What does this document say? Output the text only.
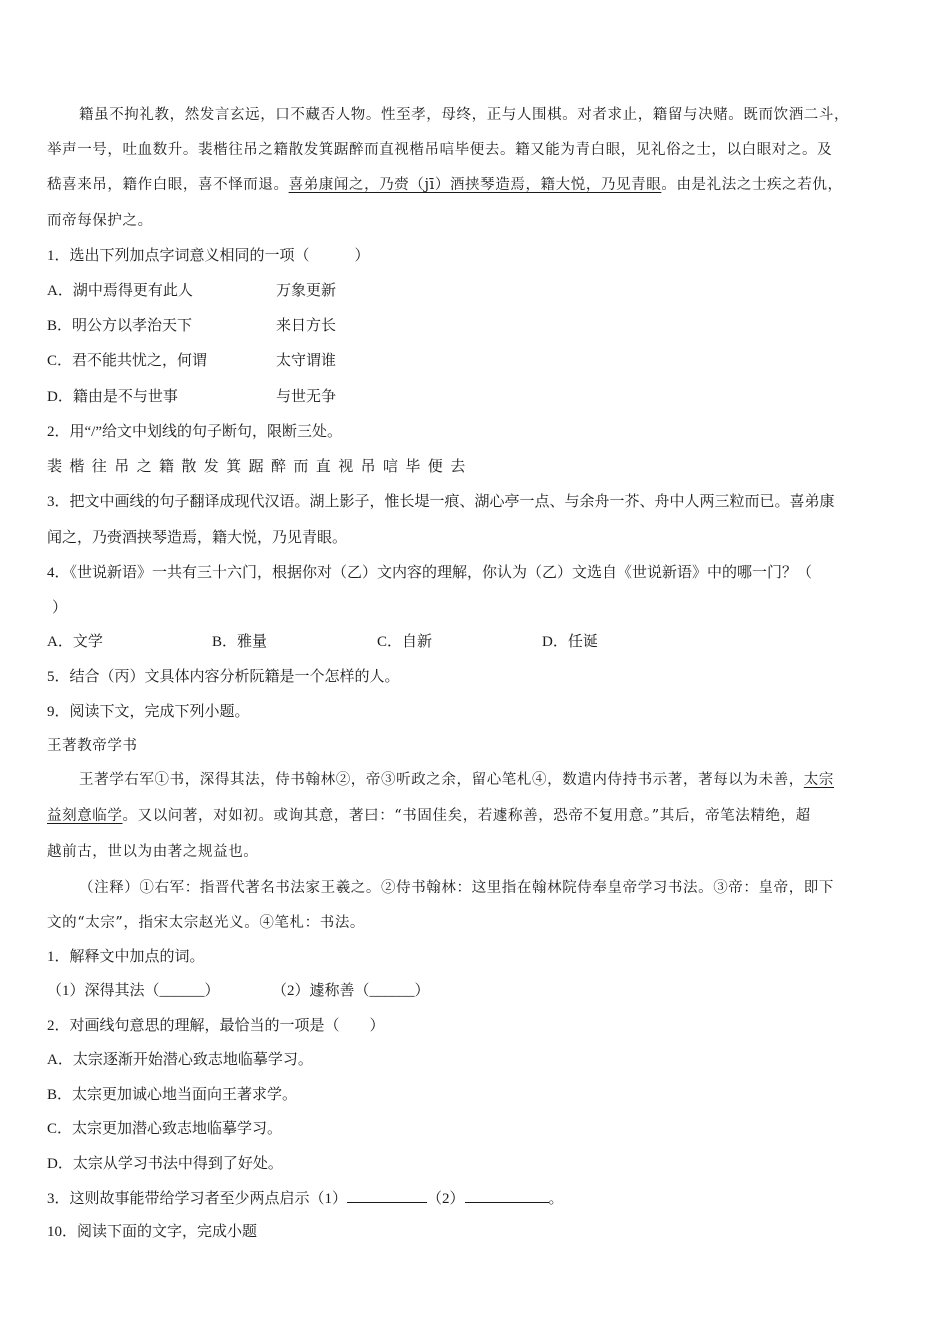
籍虽不拘礼教，然发言玄远，口不藏否人物。性至孝，母终，正与人围棋。对者求止，籍留与决赌。既而饮酒二斗，
举声一号，吐血数升。裴楷往吊之籍散发箕踞醉而直视楷吊唁毕便去。籍又能为青白眼，见礼俗之士，以白眼对之。及
嵇喜来吊，籍作白眼，喜不怿而退。喜弟康闻之，乃赍（jī）酒挟琴造焉，籍大悦，乃见青眼。由是礼法之士疾之若仇，
而帝每保护之。
1．选出下列加点字词意义相同的一项（　　　）
A．湖中焉得更有此人	万象更新
B．明公方以孝治天下	来日方长
C．君不能共忧之，何谓	太守谓谁
D．籍由是不与世事	与世无争
2．用“/”给文中划线的句子断句，限断三处。
裴楷往吊之籍散发箕踞醉而直视吊唁毕便去
3．把文中画线的句子翻译成现代汉语。湖上影子，惟长堤一痕、湖心亭一点、与余舟一芥、舟中人两三粒而已。喜弟康
闻之，乃赍酒挟琴造焉，籍大悦，乃见青眼。
4．《世说新语》一共有三十六门，根据你对（乙）文内容的理解，你认为（乙）文选自《世说新语》中的哪一门？（
）
A．文学	B．雅量	C．自新	D．任诞
5．结合（丙）文具体内容分析阮籍是一个怎样的人。
9．阅读下文，完成下列小题。
王著教帝学书
王著学右军①书，深得其法，侍书翰林②，帝③听政之余，留心笔札④，数遣内侍持书示著，著每以为未善，太宗
益刻意临学。又以问著，对如初。或询其意，著曰：“书固佳矣，若遽称善，恐帝不复用意。”其后，帝笔法精绝，超
越前古，世以为由著之规益也。
（注释）①右军：指晋代著名书法家王羲之。②侍书翰林：这里指在翰林院侍奉皇帝学习书法。③帝：皇帝，即下
文的“太宗”，指宋太宗赵光义。④笔札：书法。
1．解释文中加点的词。
（1）深得其法（______）	（2）遽称善（______）
2．对画线句意思的理解，最恰当的一项是（　　）
A．太宗逐渐开始潜心致志地临摹学习。
B．太宗更加诚心地当面向王著求学。
C．太宗更加潜心致志地临摹学习。
D．太宗从学习书法中得到了好处。
3．这则故事能带给学习者至少两点启示（1）	（2）	。
10．阅读下面的文字，完成小题
